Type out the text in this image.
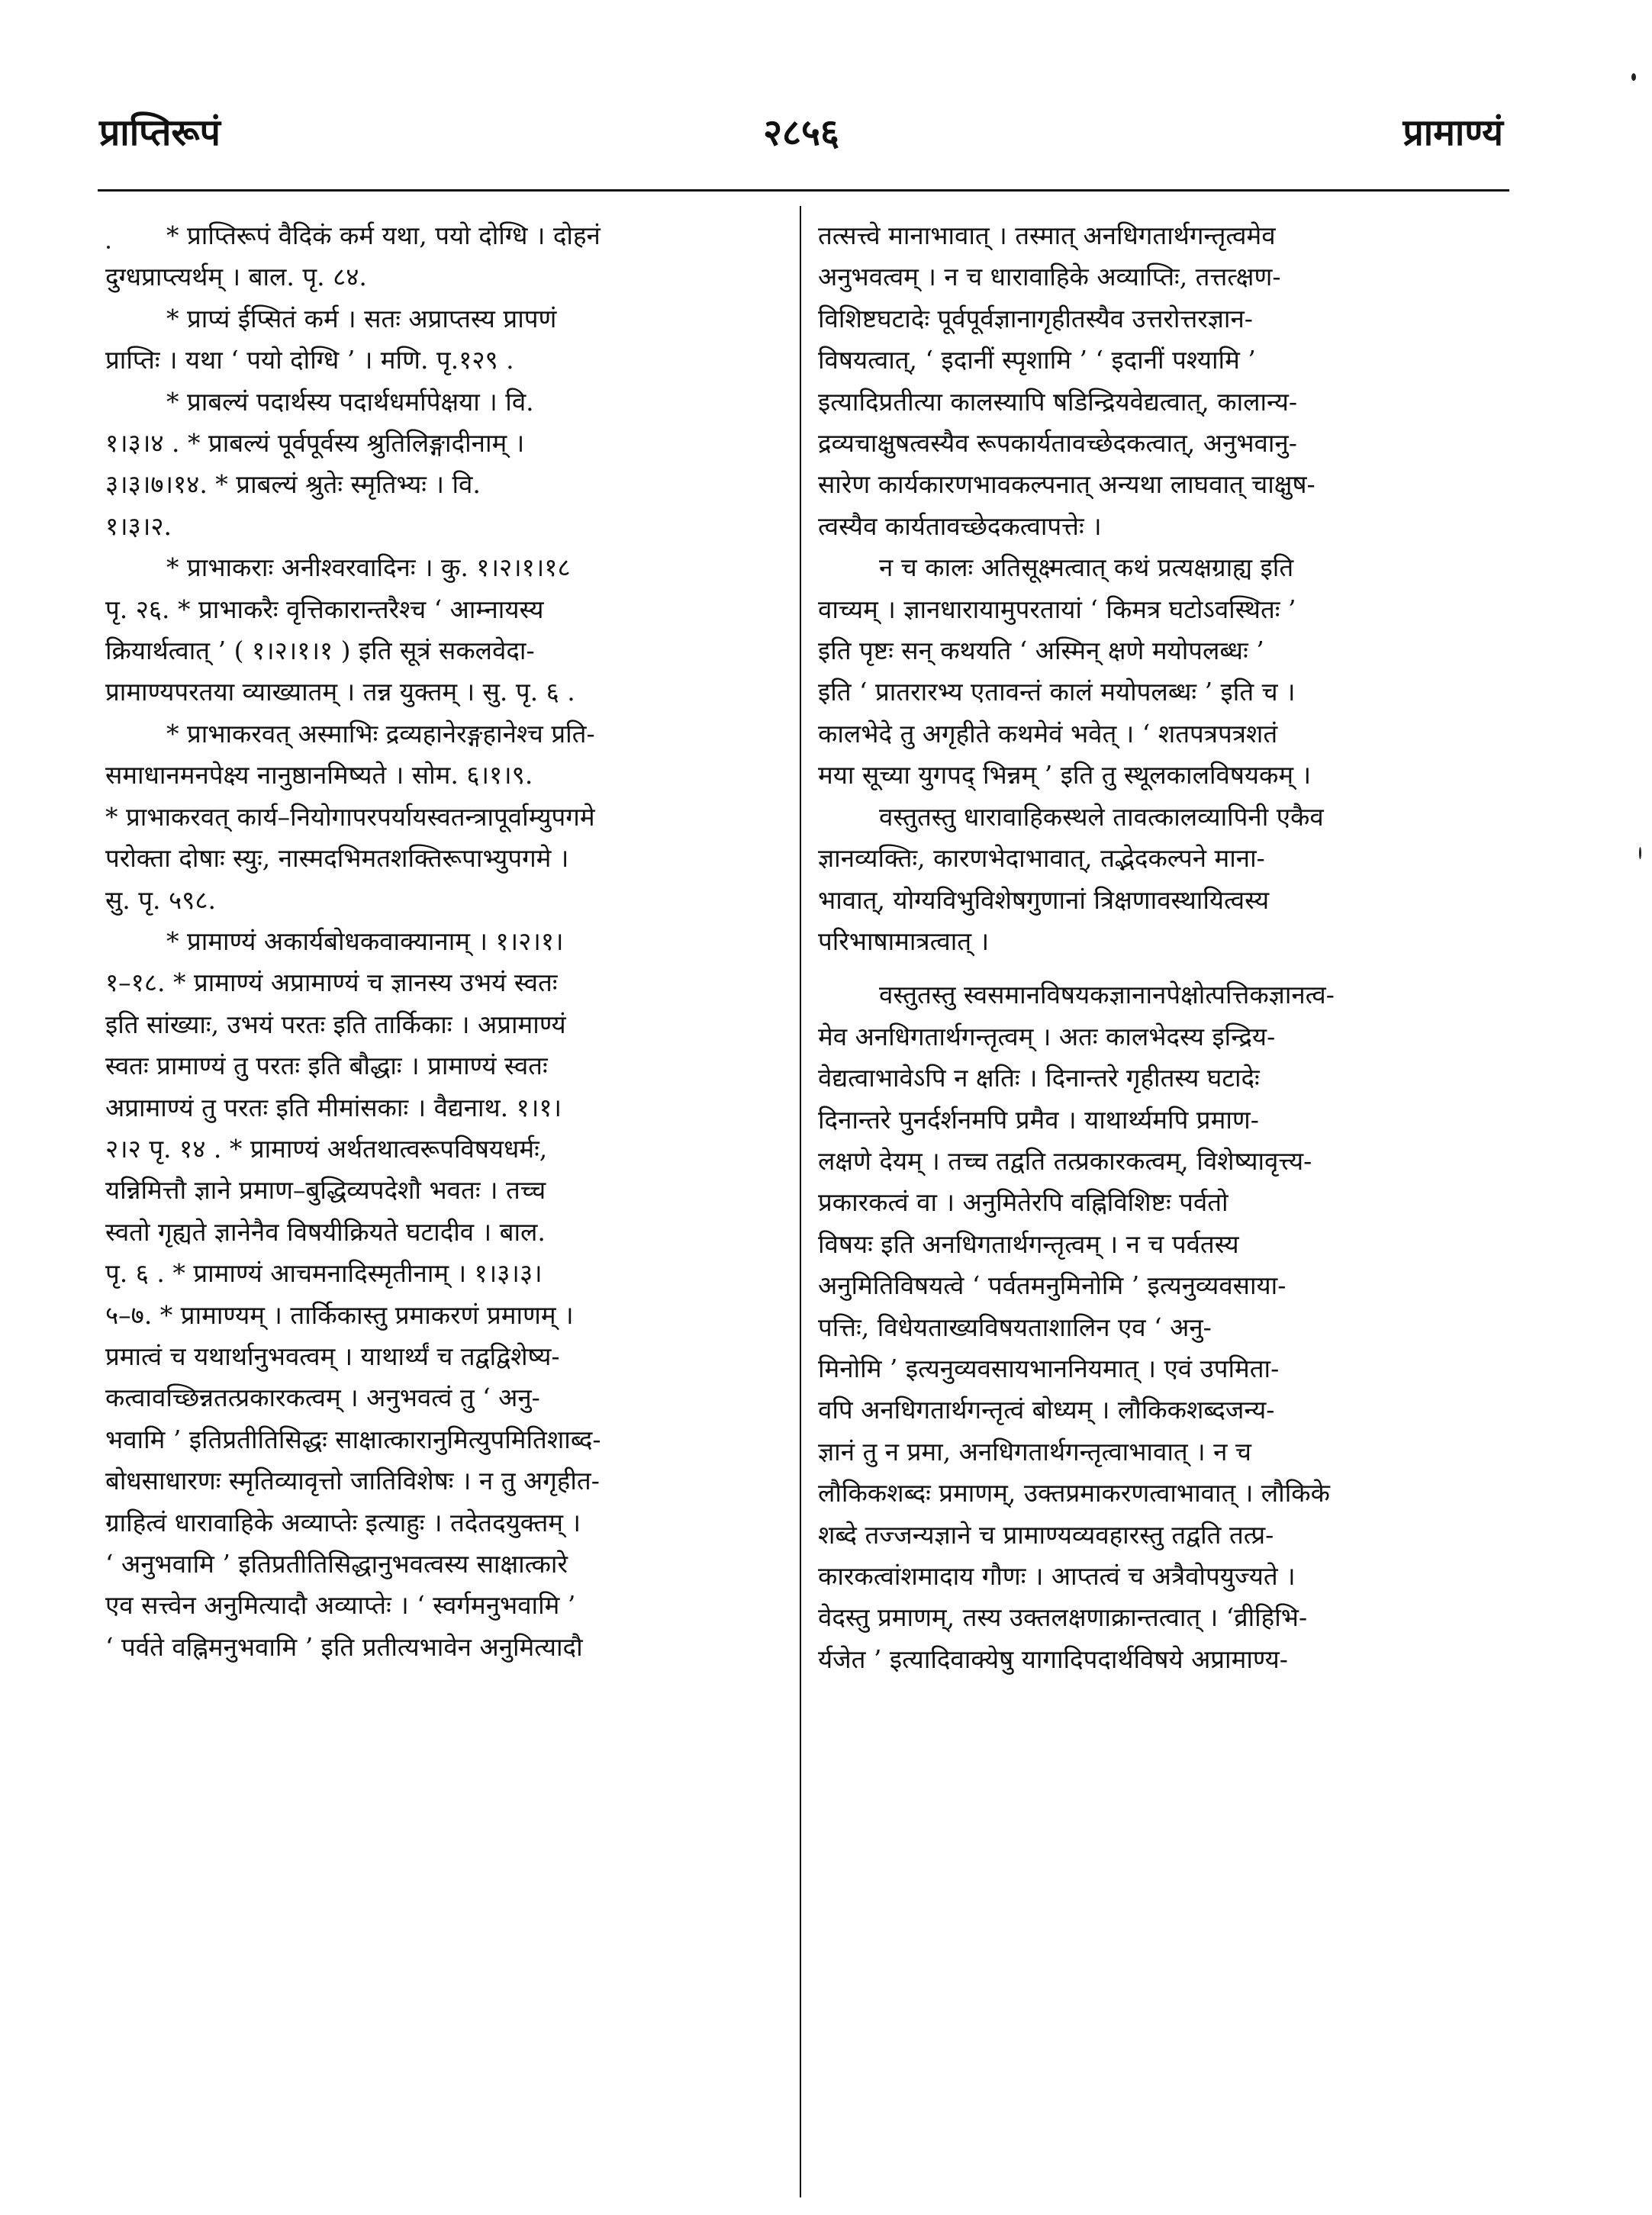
प्राप्तिरूपं	२८५६	प्रामाण्यं
* प्राप्तिरूपं वैदिकं कर्म यथा, पयो दोग्धि । दोहनं
दुग्धप्राप्त्यर्थम् । बाल. पृ. ८४.
* प्राप्यं ईप्सितं कर्म । सतः अप्राप्तस्य प्रापणं
प्राप्तिः । यथा ‘ पयो दोग्धि ’ । मणि. पृ.१२९ .
* प्राबल्यं पदार्थस्य पदार्थधर्मापेक्षया । वि.
१।३।४ . * प्राबल्यं पूर्वपूर्वस्य श्रुतिलिङ्गादीनाम् ।
३।३।७।१४. * प्राबल्यं श्रुतेः स्मृतिभ्यः । वि.
१।३।२.
* प्राभाकराः अनीश्वरवादिनः । कु. १।२।१।१८
पृ. २६. * प्राभाकरैः वृत्तिकारान्तरैश्च ‘ आम्नायस्य
क्रियार्थत्वात् ’ ( १।२।१।१ ) इति सूत्रं सकलवेदा-
प्रामाण्यपरतया व्याख्यातम् । तन्न युक्तम् । सु. पृ. ६ .
* प्राभाकरवत् अस्माभिः द्रव्यहानेरङ्गहानेश्च प्रति-
समाधानमनपेक्ष्य नानुष्ठानमिष्यते । सोम. ६।१।९.
* प्राभाकरवत् कार्य–नियोगापरपर्यायस्वतन्त्रापूर्वाम्युपगमे
परोक्ता दोषाः स्युः, नास्मदभिमतशक्तिरूपाभ्युपगमे ।
सु. पृ. ५९८.
* प्रामाण्यं अकार्यबोधकवाक्यानाम् । १।२।१।
१–१८. * प्रामाण्यं अप्रामाण्यं च ज्ञानस्य उभयं स्वतः
इति सांख्याः, उभयं परतः इति तार्किकाः । अप्रामाण्यं
स्वतः प्रामाण्यं तु परतः इति बौद्धाः । प्रामाण्यं स्वतः
अप्रामाण्यं तु परतः इति मीमांसकाः । वैद्यनाथ. १।१।
२।२ पृ. १४ . * प्रामाण्यं अर्थतथात्वरूपविषयधर्मः,
यन्निमित्तौ ज्ञाने प्रमाण–बुद्धिव्यपदेशौ भवतः । तच्च
स्वतो गृह्यते ज्ञानेनैव विषयीक्रियते घटादीव । बाल.
पृ. ६ . * प्रामाण्यं आचमनादिस्मृतीनाम् । १।३।३।
५–७. * प्रामाण्यम् । तार्किकास्तु प्रमाकरणं प्रमाणम् ।
प्रमात्वं च यथार्थानुभवत्वम् । याथार्थ्यं च तद्वद्विशेष्य-
कत्वावच्छिन्नतत्प्रकारकत्वम् । अनुभवत्वं तु ‘ अनु-
भवामि ’ इतिप्रतीतिसिद्धः साक्षात्कारानुमित्युपमितिशाब्द-
बोधसाधारणः स्मृतिव्यावृत्तो जातिविशेषः । न तु अगृहीत-
ग्राहित्वं धारावाहिके अव्याप्तेः इत्याहुः । तदेतदयुक्तम् ।
‘ अनुभवामि ’ इतिप्रतीतिसिद्धानुभवत्वस्य साक्षात्कारे
एव सत्त्वेन अनुमित्यादौ अव्याप्तेः । ‘ स्वर्गमनुभवामि ’
‘ पर्वते वह्निमनुभवामि ’ इति प्रतीत्यभावेन अनुमित्यादौ
तत्सत्त्वे मानाभावात् । तस्मात् अनधिगतार्थगन्तृत्वमेव
अनुभवत्वम् । न च धारावाहिके अव्याप्तिः, तत्तत्क्षण-
विशिष्टघटादेः पूर्वपूर्वज्ञानागृहीतस्यैव उत्तरोत्तरज्ञान-
विषयत्वात्, ‘ इदानीं स्पृशामि ’ ‘ इदानीं पश्यामि ’
इत्यादिप्रतीत्या कालस्यापि षडिन्द्रियवेद्यत्वात्, कालान्य-
द्रव्यचाक्षुषत्वस्यैव रूपकार्यतावच्छेदकत्वात्, अनुभवानु-
सारेण कार्यकारणभावकल्पनात् अन्यथा लाघवात् चाक्षुष-
त्वस्यैव कार्यतावच्छेदकत्वापत्तेः ।
न च कालः अतिसूक्ष्मत्वात् कथं प्रत्यक्षग्राह्य इति
वाच्यम् । ज्ञानधारायामुपरतायां ‘ किमत्र घटोऽवस्थितः ’
इति पृष्टः सन् कथयति ‘ अस्मिन् क्षणे मयोपलब्धः ’
इति ‘ प्रातरारभ्य एतावन्तं कालं मयोपलब्धः ’ इति च ।
कालभेदे तु अगृहीते कथमेवं भवेत् । ‘ शतपत्रपत्रशतं
मया सूच्या युगपद् भिन्नम् ’ इति तु स्थूलकालविषयकम् ।
वस्तुतस्तु धारावाहिकस्थले तावत्कालव्यापिनी एकैव
ज्ञानव्यक्तिः, कारणभेदाभावात्, तद्भेदकल्पने माना-
भावात्, योग्यविभुविशेषगुणानां त्रिक्षणावस्थायित्वस्य
परिभाषामात्रत्वात् ।
वस्तुतस्तु स्वसमानविषयकज्ञानानपेक्षोत्पत्तिकज्ञानत्व-
मेव अनधिगतार्थगन्तृत्वम् । अतः कालभेदस्य इन्द्रिय-
वेद्यत्वाभावेऽपि न क्षतिः । दिनान्तरे गृहीतस्य घटादेः
दिनान्तरे पुनर्दर्शनमपि प्रमैव । याथार्थ्यमपि प्रमाण-
लक्षणे देयम् । तच्च तद्वति तत्प्रकारकत्वम्, विशेष्यावृत्त्य-
प्रकारकत्वं वा । अनुमितेरपि वह्निविशिष्टः पर्वतो
विषयः इति अनधिगतार्थगन्तृत्वम् । न च पर्वतस्य
अनुमितिविषयत्वे ‘ पर्वतमनुमिनोमि ’ इत्यनुव्यवसाया-
पत्तिः, विधेयताख्यविषयताशालिन एव ‘ अनु-
मिनोमि ’ इत्यनुव्यवसायभाननियमात् । एवं उपमिता-
वपि अनधिगतार्थगन्तृत्वं बोध्यम् । लौकिकशब्दजन्य-
ज्ञानं तु न प्रमा, अनधिगतार्थगन्तृत्वाभावात् । न च
लौकिकशब्दः प्रमाणम्, उक्तप्रमाकरणत्वाभावात् । लौकिके
शब्दे तज्जन्यज्ञाने च प्रामाण्यव्यवहारस्तु तद्वति तत्प्र-
कारकत्वांशमादाय गौणः । आप्तत्वं च अत्रैवोपयुज्यते ।
वेदस्तु प्रमाणम्, तस्य उक्तलक्षणाक्रान्तत्वात् । ‘व्रीहिभि-
र्यजेत ’ इत्यादिवाक्येषु यागादिपदार्थविषये अप्रामाण्य-
